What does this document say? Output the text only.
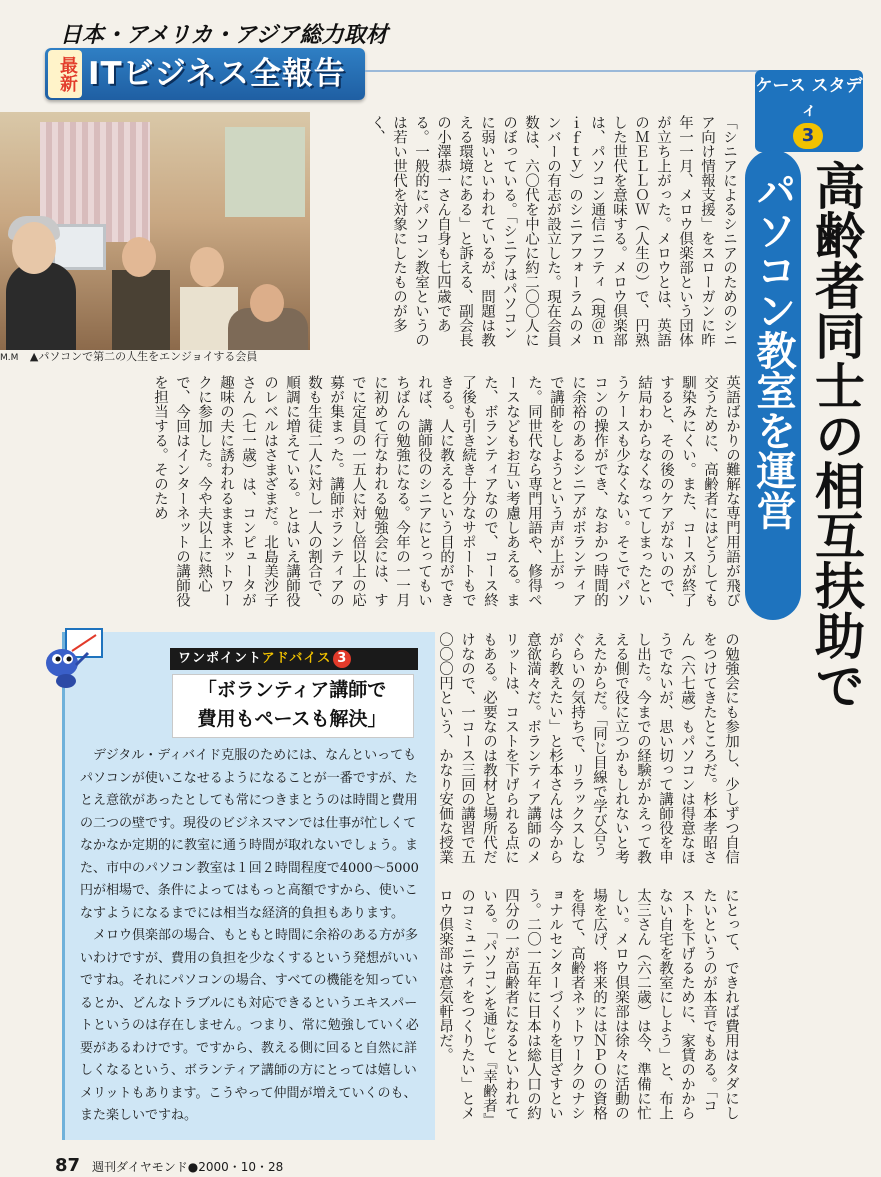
日本・アメリカ・アジア総力取材
最新 ITビジネス全報告	ケース スタディ
3
高齢者同士の相互扶助で
パソコン教室を運営
M.M ▲パソコンで第二の人生をエンジョイする会員
「シニアによるシニアのためのシニア向け情報支援」をスローガンに昨年一一月、メロウ倶楽部という団体が立ち上がった。メロウとは、英語のＭＥＬＬＯＷ（人生の）で、円熟した世代を意味する。メロウ倶楽部は、パソコン通信ニフティ（現＠ｎｉｆｔｙ）のシニアフォーラムのメンバーの有志が設立した。現在会員数は、六〇代を中心に約二〇〇人にのぼっている。「シニアはパソコンに弱いといわれているが、問題は教える環境にある」と訴える、副会長の小澤恭一さん自身も七四歳である。一般的にパソコン教室というのは若い世代を対象にしたものが多く、
英語ばかりの難解な専門用語が飛び交うために、高齢者にはどうしても馴染みにくい。また、コースが終了すると、その後のケアがないので、結局わからなくなってしまったというケースも少なくない。そこでパソコンの操作ができ、なおかつ時間的に余裕のあるシニアがボランティアで講師をしようという声が上がった。同世代なら専門用語や、修得ペースなどもお互い考慮しあえる。また、ボランティアなので、コース終了後も引き続き十分なサポートもできる。人に教えるという目的ができれば、講師役のシニアにとってもいちばんの勉強になる。今年の一一月に初めて行なわれる勉強会には、すでに定員の一五人に対し倍以上の応募が集まった。講師ボランティアの数も生徒二人に対し一人の割合で、順調に増えている。とはいえ講師役のレベルはさまざまだ。北島美沙子さん（七一歳）は、コンピュータが趣味の夫に誘われるままネットワークに参加した。今や夫以上に熱心で、今回はインターネットの講師役を担当する。そのため
の勉強会にも参加し、少しずつ自信をつけてきたところだ。杉本孝昭さん（六七歳）もパソコンは得意なほうでないが、思い切って講師役を申し出た。今までの経験がかえって教える側で役に立つかもしれないと考えたからだ。「同じ目線で学び合うぐらいの気持ちで、リラックスしながら教えたい」と杉本さんは今から意欲満々だ。ボランティア講師のメリットは、コストを下げられる点にもある。必要なのは教材と場所代だけなので、一コース三回の講習で五〇〇〇円という、かなり安価な授業
にとって、できれば費用はタダにしたいというのが本音でもある。「コストを下げるために、家賃のかからない自宅を教室にしよう」と、布上太三さん（六二歳）は今、準備に忙しい。メロウ倶楽部は徐々に活動の場を広げ、将来的にはＮＰＯの資格を得て、高齢者ネットワークのナショナルセンターづくりを目ざすという。二〇一五年に日本は総人口の約四分の一が高齢者になるといわれている。「パソコンを通じて『幸齢者』のコミュニティをつくりたい」とメロウ倶楽部は意気軒昂だ。
ワンポイントアドバイス 3
「ボランティア講師で
費用もペースも解決」

デジタル・ディバイド克服のためには、なんといってもパソコンが使いこなせるようになることが一番ですが、たとえ意欲があったとしても常につきまとうのは時間と費用の二つの壁です。現役のビジネスマンでは仕事が忙しくてなかなか定期的に教室に通う時間が取れないでしょう。また、市中のパソコン教室は１回２時間程度で4000〜5000円が相場で、条件によってはもっと高額ですから、使いこなすようになるまでには相当な経済的負担もあります。

メロウ倶楽部の場合、もともと時間に余裕のある方が多いわけですが、費用の負担を少なくするという発想がいいですね。それにパソコンの場合、すべての機能を知っているとか、どんなトラブルにも対応できるというエキスパートというのは存在しません。つまり、常に勉強していく必要があるわけです。ですから、教える側に回ると自然に詳しくなるという、ボランティア講師の方にとっては嬉しいメリットもあります。こうやって仲間が増えていくのも、また楽しいですね。

87 週刊ダイヤモンド●2000・10・28
